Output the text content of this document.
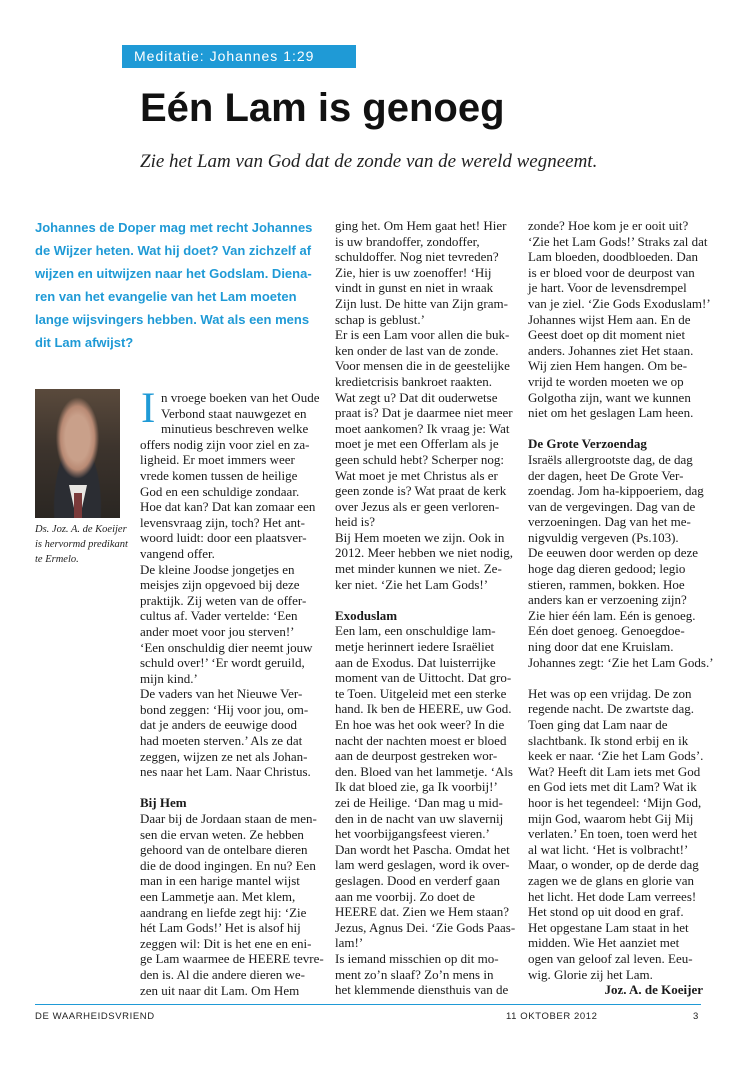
Meditatie: Johannes 1:29
Eén Lam is genoeg
Zie het Lam van God dat de zonde van de wereld wegneemt.
Johannes de Doper mag met recht Johannes
de Wijzer heten. Wat hij doet? Van zichzelf af
wijzen en uitwijzen naar het Godslam. Diena-
ren van het evangelie van het Lam moeten
lange wijsvingers hebben. Wat als een mens
dit Lam afwijst?
Ds. Joz. A. de Koeijer
is hervormd predikant
te Ermelo.
I n vroege boeken van het Oude
Verbond staat nauwgezet en
minutieus beschreven welke
offers nodig zijn voor ziel en za-
ligheid. Er moet immers weer
vrede komen tussen de heilige
God en een schuldige zondaar.
Hoe dat kan? Dat kan zomaar een
levensvraag zijn, toch? Het ant-
woord luidt: door een plaatsver-
vangend offer.
De kleine Joodse jongetjes en
meisjes zijn opgevoed bij deze
praktijk. Zij weten van de offer-
cultus af. Vader vertelde: ‘Een
ander moet voor jou sterven!’
‘Een onschuldig dier neemt jouw
schuld over!’ ‘Er wordt geruild,
mijn kind.’
De vaders van het Nieuwe Ver-
bond zeggen: ‘Hij voor jou, om-
dat je anders de eeuwige dood
had moeten sterven.’ Als ze dat
zeggen, wijzen ze net als Johan-
nes naar het Lam. Naar Christus.
Bij Hem
Daar bij de Jordaan staan de men-
sen die ervan weten. Ze hebben
gehoord van de ontelbare dieren
die de dood ingingen. En nu? Een
man in een harige mantel wijst
een Lammetje aan. Met klem,
aandrang en liefde zegt hij: ‘Zie
hét Lam Gods!’ Het is alsof hij
zeggen wil: Dit is het ene en eni-
ge Lam waarmee de HEERE tevre-
den is. Al die andere dieren we-
zen uit naar dit Lam. Om Hem
ging het. Om Hem gaat het! Hier
is uw brandoffer, zondoffer,
schuldoffer. Nog niet tevreden?
Zie, hier is uw zoenoffer! ‘Hij
vindt in gunst en niet in wraak
Zijn lust. De hitte van Zijn gram-
schap is geblust.’
Er is een Lam voor allen die buk-
ken onder de last van de zonde.
Voor mensen die in de geestelijke
kredietcrisis bankroet raakten.
Wat zegt u? Dat dit ouderwetse
praat is? Dat je daarmee niet meer
moet aankomen? Ik vraag je: Wat
moet je met een Offerlam als je
geen schuld hebt? Scherper nog:
Wat moet je met Christus als er
geen zonde is? Wat praat de kerk
over Jezus als er geen verloren-
heid is?
Bij Hem moeten we zijn. Ook in
2012. Meer hebben we niet nodig,
met minder kunnen we niet. Ze-
ker niet. ‘Zie het Lam Gods!’
Exoduslam
Een lam, een onschuldige lam-
metje herinnert iedere Israëliet
aan de Exodus. Dat luisterrijke
moment van de Uittocht. Dat gro-
te Toen. Uitgeleid met een sterke
hand. Ik ben de HEERE, uw God.
En hoe was het ook weer? In die
nacht der nachten moest er bloed
aan de deurpost gestreken wor-
den. Bloed van het lammetje. ‘Als
Ik dat bloed zie, ga Ik voorbij!’
zei de Heilige. ‘Dan mag u mid-
den in de nacht van uw slavernij
het voorbijgangsfeest vieren.’
Dan wordt het Pascha. Omdat het
lam werd geslagen, word ik over-
geslagen. Dood en verderf gaan
aan me voorbij. Zo doet de
HEERE dat. Zien we Hem staan?
Jezus, Agnus Dei. ‘Zie Gods Paas-
lam!’
Is iemand misschien op dit mo-
ment zo’n slaaf? Zo’n mens in
het klemmende diensthuis van de
zonde? Hoe kom je er ooit uit?
‘Zie het Lam Gods!’ Straks zal dat
Lam bloeden, doodbloeden. Dan
is er bloed voor de deurpost van
je hart. Voor de levensdrempel
van je ziel. ‘Zie Gods Exoduslam!’
Johannes wijst Hem aan. En de
Geest doet op dit moment niet
anders. Johannes ziet Het staan.
Wij zien Hem hangen. Om be-
vrijd te worden moeten we op
Golgotha zijn, want we kunnen
niet om het geslagen Lam heen.
De Grote Verzoendag
Israëls allergrootste dag, de dag
der dagen, heet De Grote Ver-
zoendag. Jom ha-kippoeriem, dag
van de vergevingen. Dag van de
verzoeningen. Dag van het me-
nigvuldig vergeven (Ps.103).
De eeuwen door werden op deze
hoge dag dieren gedood; legio
stieren, rammen, bokken. Hoe
anders kan er verzoening zijn?
Zie hier één lam. Eén is genoeg.
Eén doet genoeg. Genoegdoe-
ning door dat ene Kruislam.
Johannes zegt: ‘Zie het Lam Gods.’
Het was op een vrijdag. De zon
regende nacht. De zwartste dag.
Toen ging dat Lam naar de
slachtbank. Ik stond erbij en ik
keek er naar. ‘Zie het Lam Gods’.
Wat? Heeft dit Lam iets met God
en God iets met dit Lam? Wat ik
hoor is het tegendeel: ‘Mijn God,
mijn God, waarom hebt Gij Mij
verlaten.’ En toen, toen werd het
al wat licht. ‘Het is volbracht!’
Maar, o wonder, op de derde dag
zagen we de glans en glorie van
het licht. Het dode Lam verrees!
Het stond op uit dood en graf.
Het opgestane Lam staat in het
midden. Wie Het aanziet met
ogen van geloof zal leven. Eeu-
wig. Glorie zij het Lam.
Joz. A. de Koeijer
DE WAARHEIDSVRIEND	11 OKTOBER 2012	3
